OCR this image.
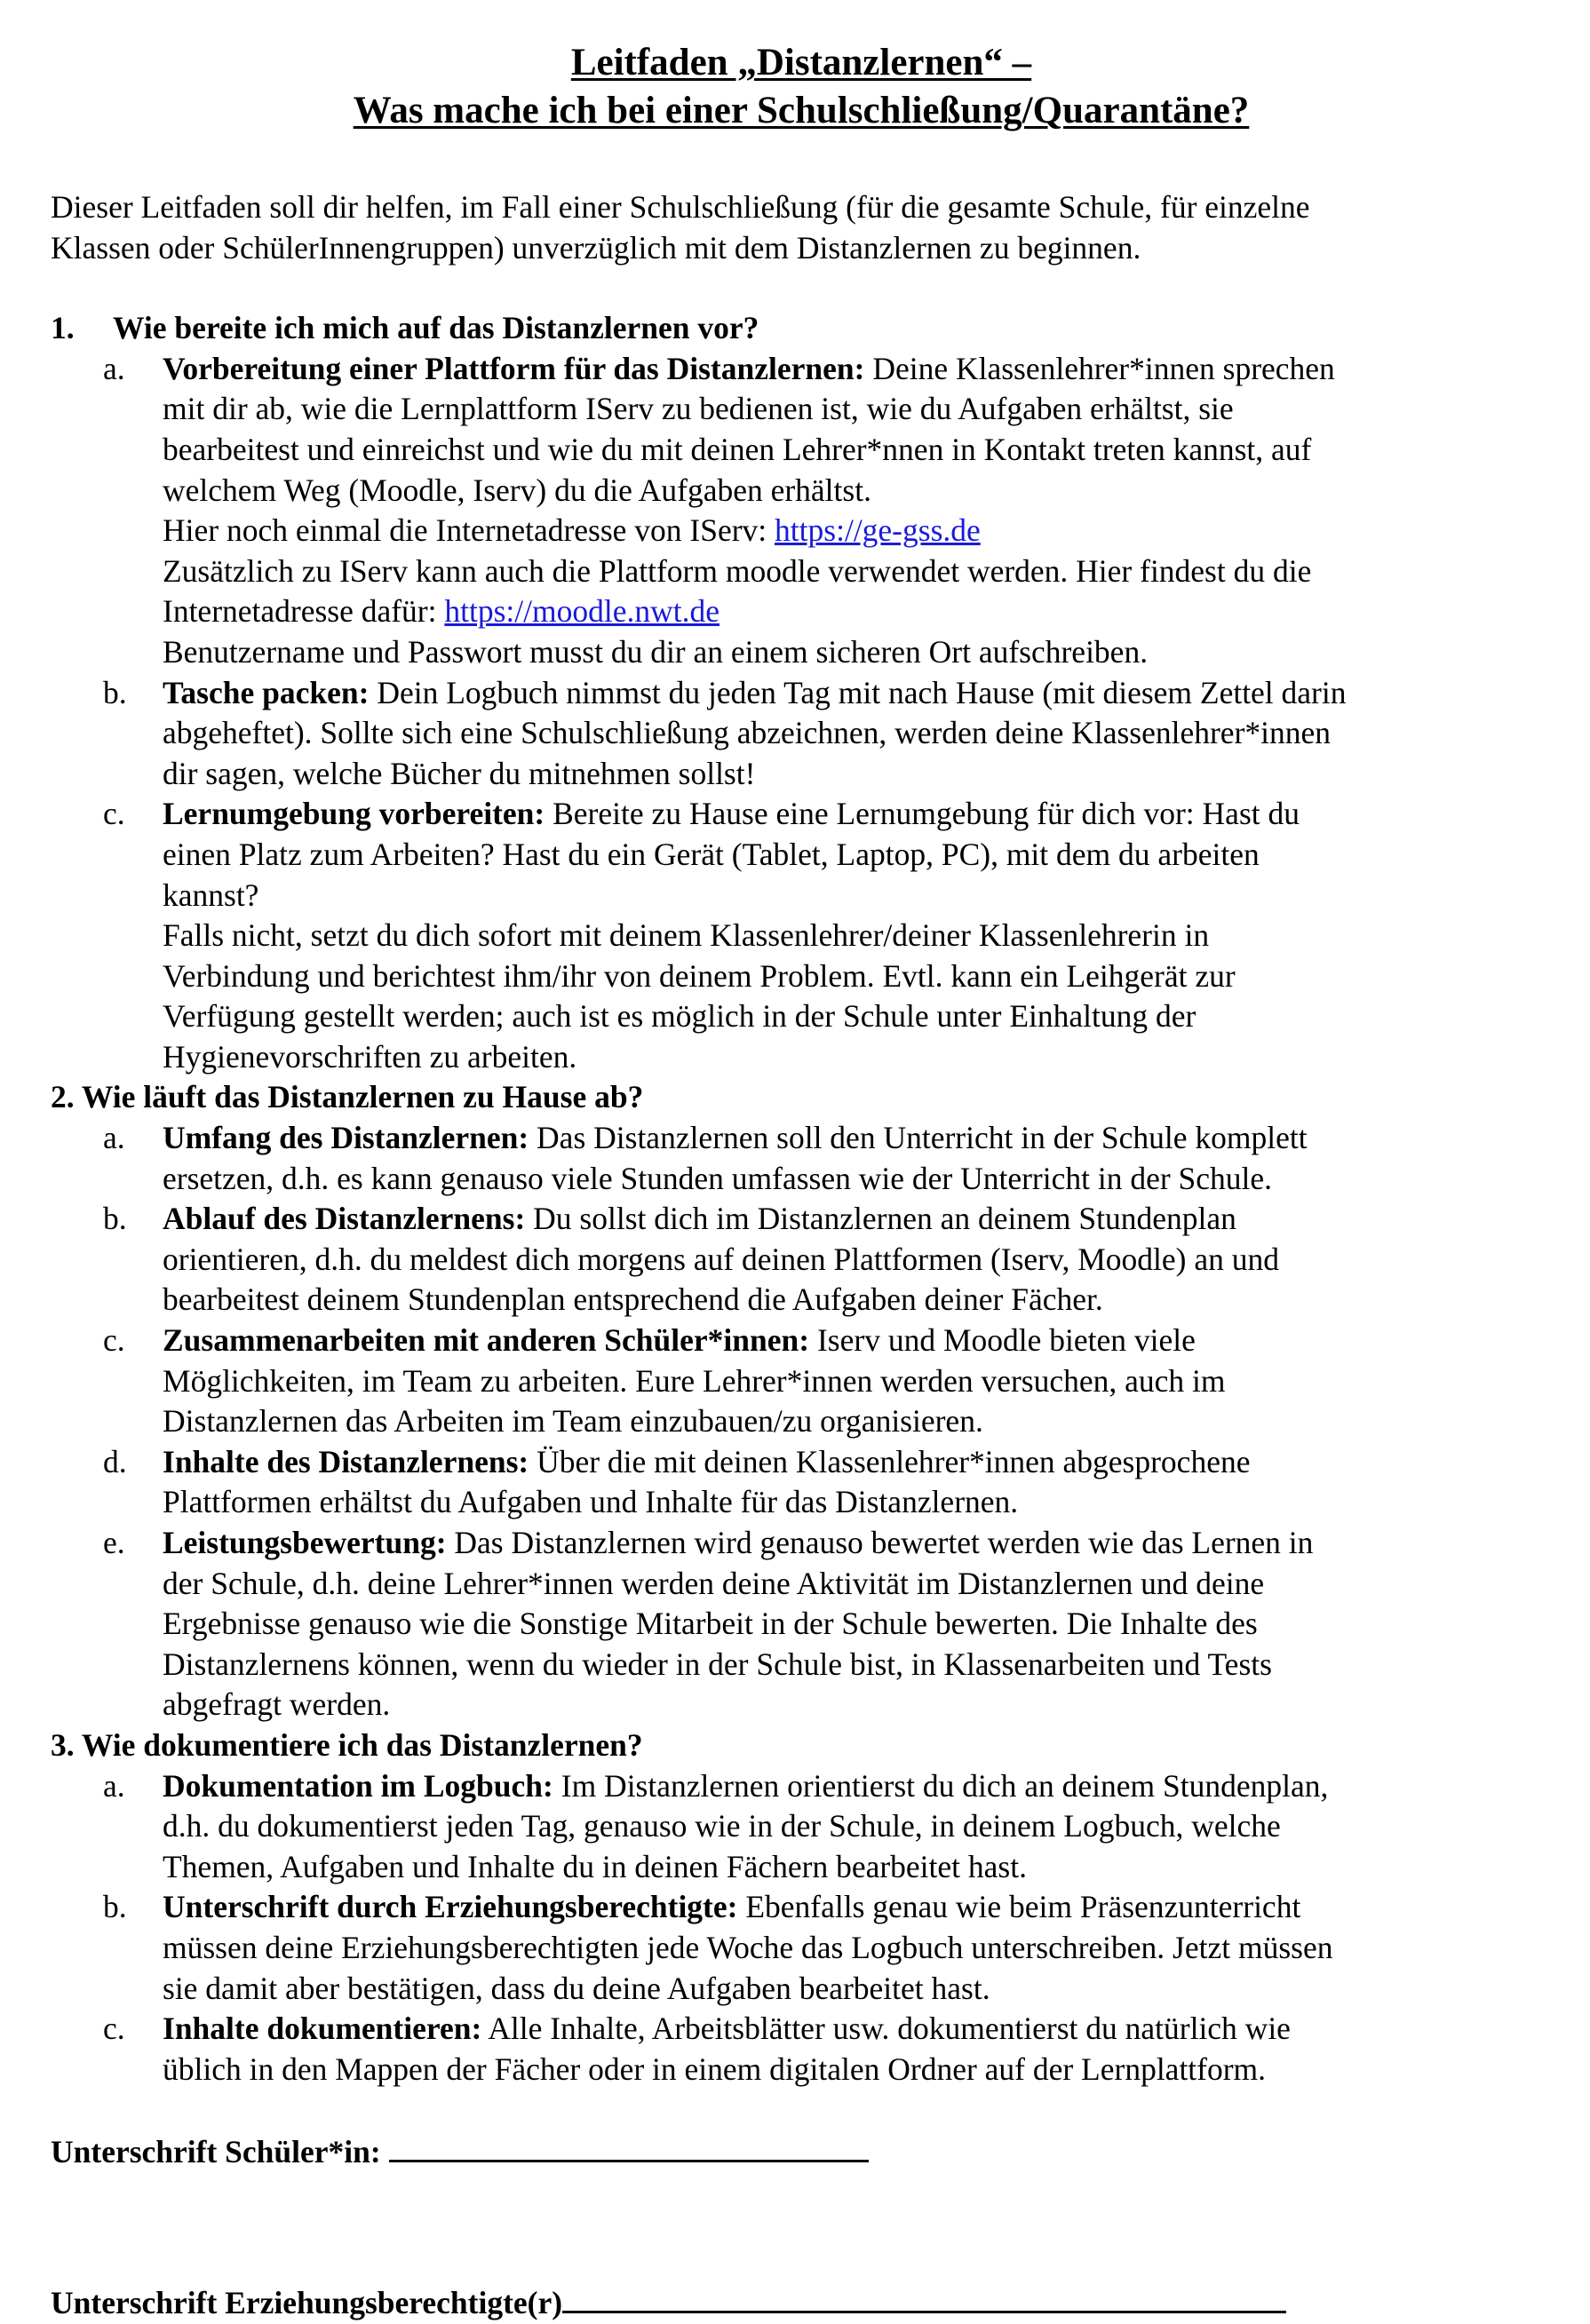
Leitfaden „Distanzlernen“ –
Was mache ich bei einer Schulschließung/Quarantäne?
Dieser Leitfaden soll dir helfen, im Fall einer Schulschließung (für die gesamte Schule, für einzelne
Klassen oder SchülerInnengruppen) unverzüglich mit dem Distanzlernen zu beginnen.
1. Wie bereite ich mich auf das Distanzlernen vor?
a. Vorbereitung einer Plattform für das Distanzlernen: Deine Klassenlehrer*innen sprechen
mit dir ab, wie die Lernplattform IServ zu bedienen ist, wie du Aufgaben erhältst, sie
bearbeitest und einreichst und wie du mit deinen Lehrer*nnen in Kontakt treten kannst, auf
welchem Weg (Moodle, Iserv) du die Aufgaben erhältst.
Hier noch einmal die Internetadresse von IServ: https://ge-gss.de
Zusätzlich zu IServ kann auch die Plattform moodle verwendet werden. Hier findest du die
Internetadresse dafür: https://moodle.nwt.de
Benutzername und Passwort musst du dir an einem sicheren Ort aufschreiben.
b. Tasche packen: Dein Logbuch nimmst du jeden Tag mit nach Hause (mit diesem Zettel darin
abgeheftet). Sollte sich eine Schulschließung abzeichnen, werden deine Klassenlehrer*innen
dir sagen, welche Bücher du mitnehmen sollst!
c. Lernumgebung vorbereiten: Bereite zu Hause eine Lernumgebung für dich vor: Hast du
einen Platz zum Arbeiten? Hast du ein Gerät (Tablet, Laptop, PC), mit dem du arbeiten
kannst?
Falls nicht, setzt du dich sofort mit deinem Klassenlehrer/deiner Klassenlehrerin in
Verbindung und berichtest ihm/ihr von deinem Problem. Evtl. kann ein Leihgerät zur
Verfügung gestellt werden; auch ist es möglich in der Schule unter Einhaltung der
Hygienevorschriften zu arbeiten.
2. Wie läuft das Distanzlernen zu Hause ab?
a. Umfang des Distanzlernen: Das Distanzlernen soll den Unterricht in der Schule komplett
ersetzen, d.h. es kann genauso viele Stunden umfassen wie der Unterricht in der Schule.
b. Ablauf des Distanzlernens: Du sollst dich im Distanzlernen an deinem Stundenplan
orientieren, d.h. du meldest dich morgens auf deinen Plattformen (Iserv, Moodle) an und
bearbeitest deinem Stundenplan entsprechend die Aufgaben deiner Fächer.
c. Zusammenarbeiten mit anderen Schüler*innen: Iserv und Moodle bieten viele
Möglichkeiten, im Team zu arbeiten. Eure Lehrer*innen werden versuchen, auch im
Distanzlernen das Arbeiten im Team einzubauen/zu organisieren.
d. Inhalte des Distanzlernens: Über die mit deinen Klassenlehrer*innen abgesprochene
Plattformen erhältst du Aufgaben und Inhalte für das Distanzlernen.
e. Leistungsbewertung: Das Distanzlernen wird genauso bewertet werden wie das Lernen in
der Schule, d.h. deine Lehrer*innen werden deine Aktivität im Distanzlernen und deine
Ergebnisse genauso wie die Sonstige Mitarbeit in der Schule bewerten. Die Inhalte des
Distanzlernens können, wenn du wieder in der Schule bist, in Klassenarbeiten und Tests
abgefragt werden.
3. Wie dokumentiere ich das Distanzlernen?
a. Dokumentation im Logbuch: Im Distanzlernen orientierst du dich an deinem Stundenplan,
d.h. du dokumentierst jeden Tag, genauso wie in der Schule, in deinem Logbuch, welche
Themen, Aufgaben und Inhalte du in deinen Fächern bearbeitet hast.
b. Unterschrift durch Erziehungsberechtigte: Ebenfalls genau wie beim Präsenzunterricht
müssen deine Erziehungsberechtigten jede Woche das Logbuch unterschreiben. Jetzt müssen
sie damit aber bestätigen, dass du deine Aufgaben bearbeitet hast.
c. Inhalte dokumentieren: Alle Inhalte, Arbeitsblätter usw. dokumentierst du natürlich wie
üblich in den Mappen der Fächer oder in einem digitalen Ordner auf der Lernplattform.
Unterschrift Schüler*in:
Unterschrift Erziehungsberechtigte(r)
